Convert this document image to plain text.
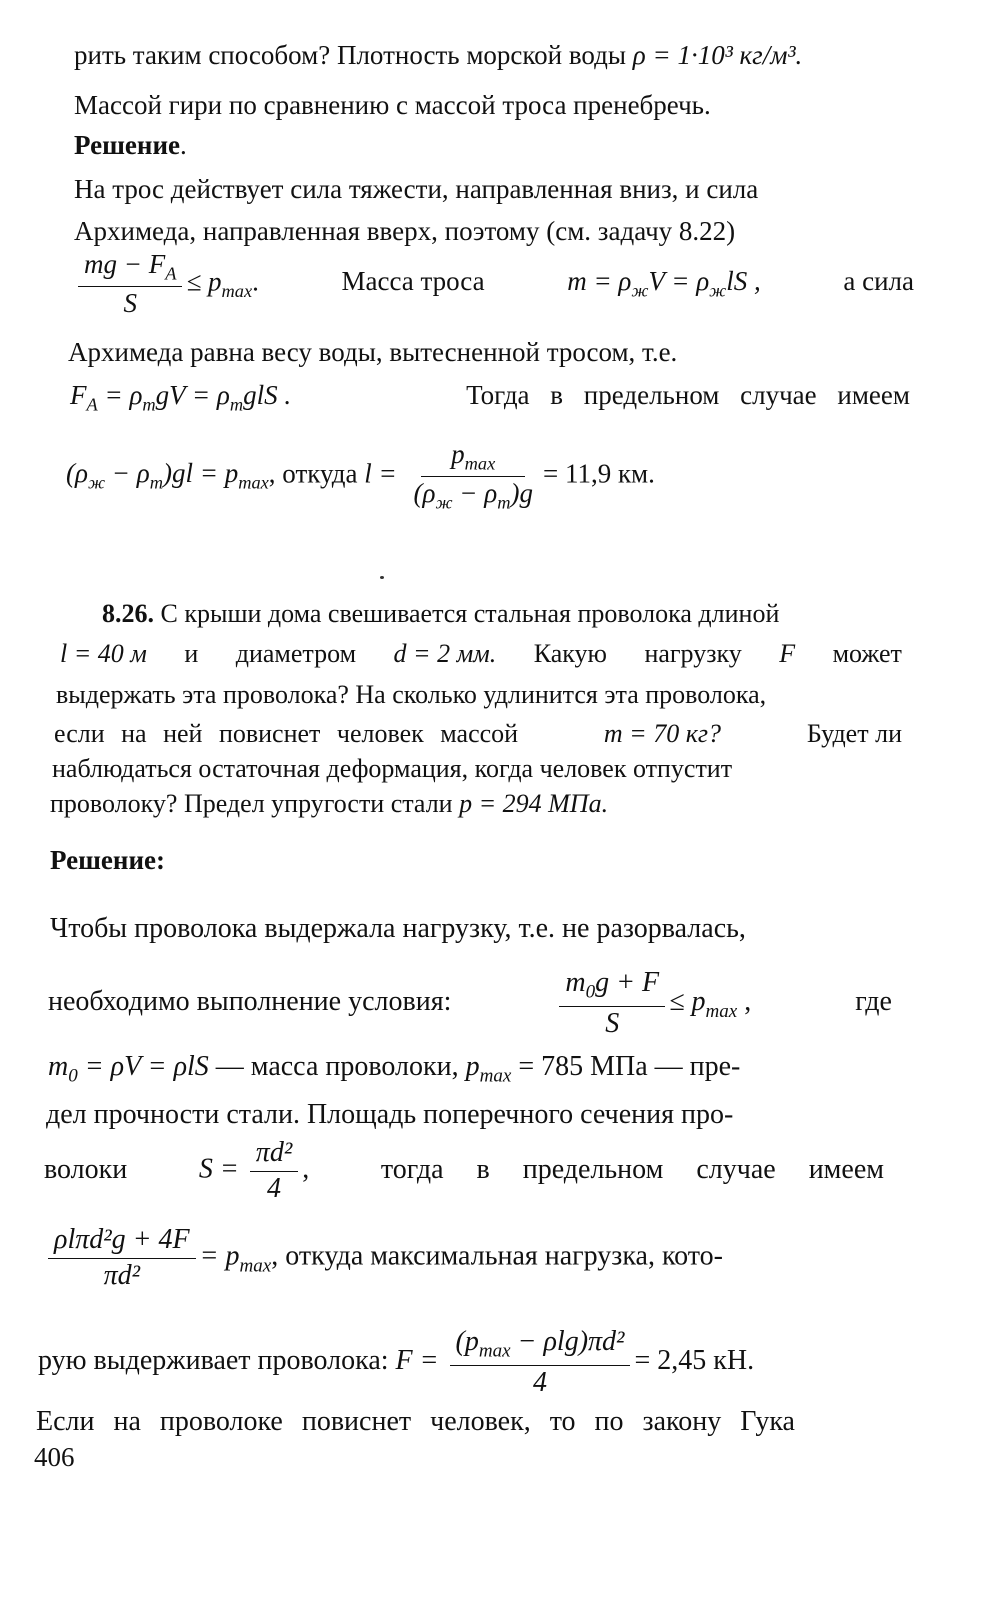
рить таким способом? Плотность морской воды ρ = 1·10³ кг/м³.
Массой гири по сравнению с массой троса пренебречь.
Решение.
На трос действует сила тяжести, направленная вниз, и сила
Архимеда, направленная вверх, поэтому (см. задачу 8.22)
$\frac{mg - F_A}{S} \le p_{max}$.	Масса троса	$m = \rho_жV = \rho_жlS$ ,	а сила
Архимеда равна весу воды, вытесненной тросом, т.е.
$F_A = \rho_тgV = \rho_тglS$ .	Тогда в предельном случае имеем
$(\rho_ж - \rho_т)gl = p_{max}$, откуда $l = \frac{p_{max}}{(\rho_ж - \rho_т)g} = 11,9$ км.
8.26. С крыши дома свешивается стальная проволока длиной
l = 40 м и диаметром d = 2 мм. Какую нагрузку F может
выдержать эта проволока? На сколько удлинится эта проволока,
если на ней повиснет человек массой	m = 70 кг?	Будет ли
наблюдаться остаточная деформация, когда человек отпустит
проволоку? Предел упругости стали p = 294 МПа.
Решение:
Чтобы проволока выдержала нагрузку, т.е. не разорвалась,
необходимо выполнение условия:	$\frac{m_0g + F}{S} \le p_{max}$ ,	где
$m_0 = \rho V = \rho lS$ — масса проволоки, $p_{max} = 785$ МПа — пре-
дел прочности стали. Площадь поперечного сечения про-
волоки	$S = \frac{\text{πd²}}{4}$ ,	тогда в предельном случае имеем
$\frac{\text{ρlπd²g + 4F}}{\text{πd²}} = p_{max}$, откуда максимальная нагрузка, кото-
рую выдерживает проволока: $F = \frac{(p_{max} - \rho\lg)\pi d^2}{4} = 2,45$ кН.
Если на проволоке повиснет человек, то по закону Гука
406
